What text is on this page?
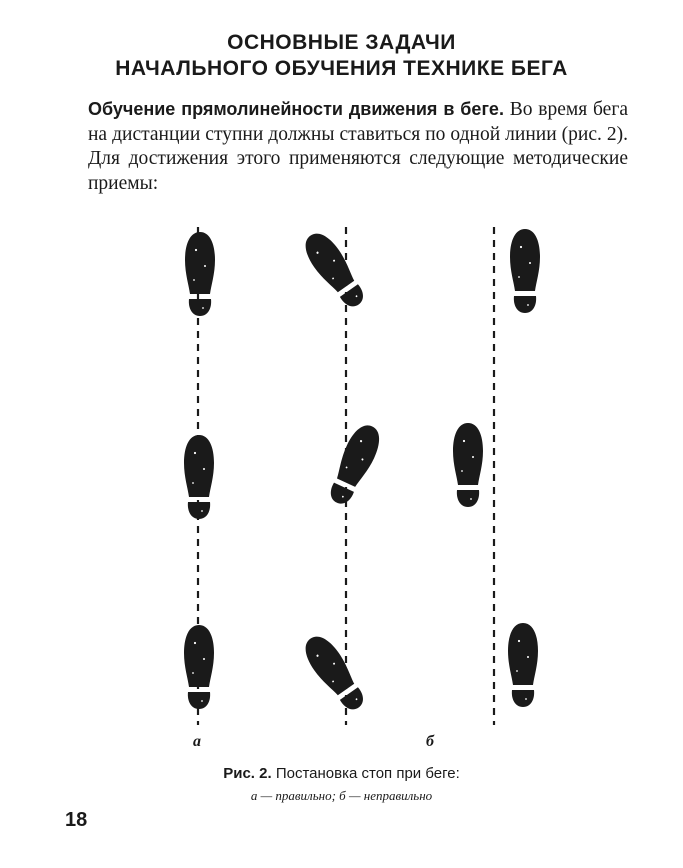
ОСНОВНЫЕ ЗАДАЧИ
НАЧАЛЬНОГО ОБУЧЕНИЯ ТЕХНИКЕ БЕГА
Обучение прямолинейности движения в беге. Во время бега на дистанции ступни должны ставиться по одной линии (рис. 2). Для достижения этого применяются следующие методические приемы:
а	б
Рис. 2. Постановка стоп при беге:
а — правильно; б — неправильно
18
